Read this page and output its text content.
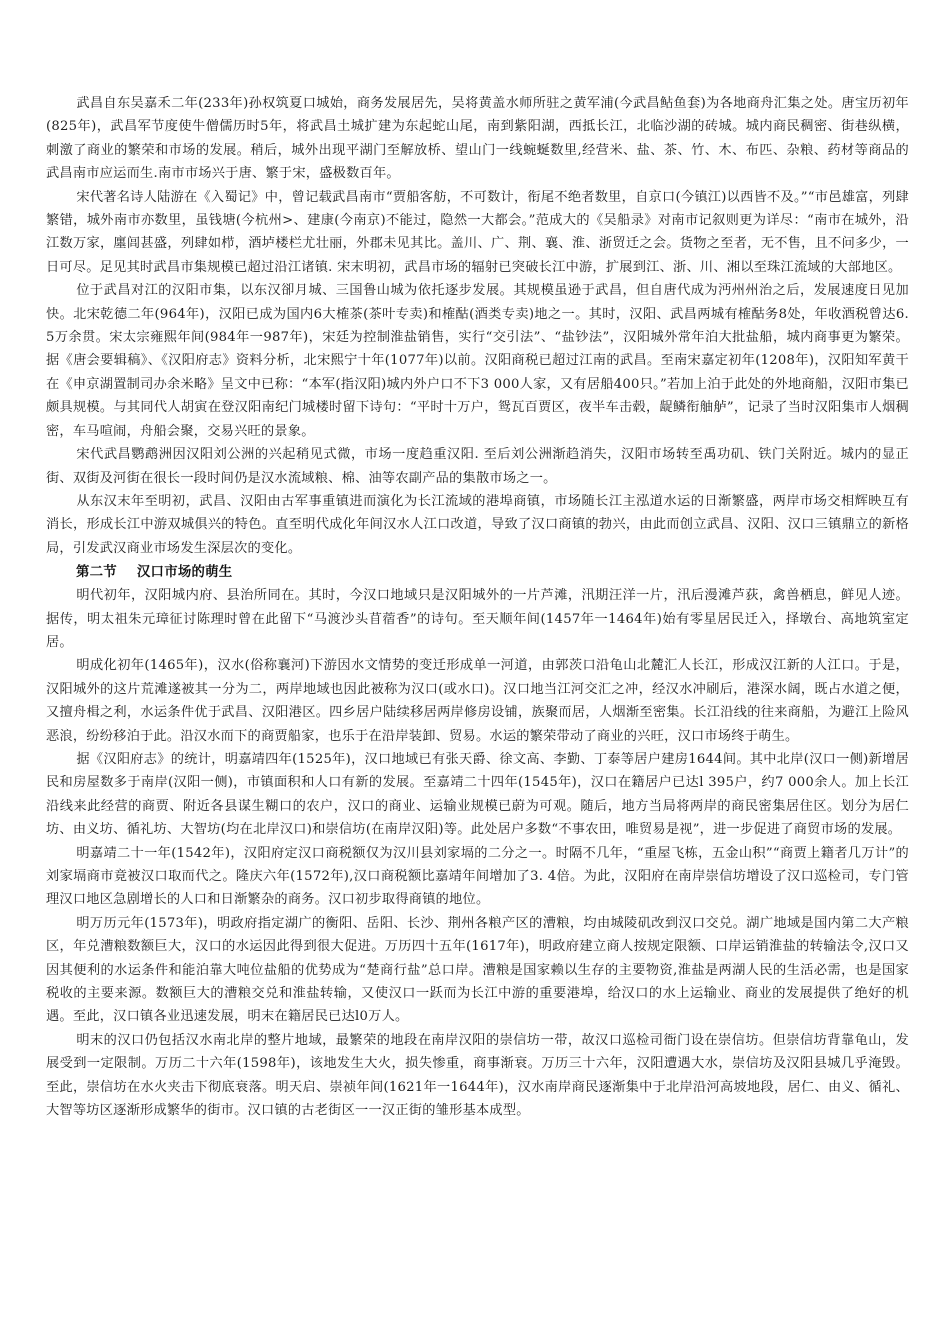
武昌自东吴嘉禾二年(233年)孙权筑夏口城始，商务发展居先，吴将黄盖水师所驻之黄军浦(今武昌鲇鱼套)为各地商舟汇集之处。唐宝历初年(825年)，武昌军节度使牛僧儒历时5年，将武昌土城扩建为东起蛇山尾，南到紫阳湖，西抵长江，北临沙湖的砖城。城内商民稠密、街巷纵横，刺激了商业的繁荣和市场的发展。稍后，城外出现平湖门至解放桥、望山门一线蜿蜒数里,经营米、盐、茶、竹、木、布匹、杂粮、药材等商品的武昌南市应运而生.南市市场兴于唐、繁于宋，盛极数百年。

宋代著名诗人陆游在《入蜀记》中，曾记载武昌南市“贾船客舫，不可数计，衔尾不绝者数里，自京口(今镇江)以西皆不及。”“市邑雄富，列肆繁错，城外南市亦数里，虽钱塘(今杭州>、建康(今南京)不能过，隐然一大都会。”范成大的《吴船录》对南市记叙则更为详尽：“南市在城外，沿江数万家，廛闾甚盛，列肆如栉，酒垆楼栏尤壮丽，外郡未见其比。盖川、广、荆、襄、淮、浙贸迁之会。货物之至者，无不售，且不问多少，一日可尽。足见其时武昌市集规模已超过沿江诸镇. 宋末明初，武昌市场的辐射已突破长江中游，扩展到江、浙、川、湘以至珠江流域的大部地区。

位于武昌对江的汉阳市集，以东汉卻月城、三国鲁山城为依托逐步发展。其规模虽逊于武昌，但自唐代成为沔州州治之后，发展速度日见加快。北宋乾德二年(964年)，汉阳已成为国内6大榷茶(茶叶专卖)和榷酤(酒类专卖)地之一。其时，汉阳、武昌两城有榷酤务8处，年收酒税曾达6. 5万余贯。宋太宗雍熙年间(984年一987年)，宋廷为控制淮盐销售，实行“交引法”、“盐钞法”，汉阳城外常年泊大批盐船，城内商事更为繁荣。据《唐会要辑稿》、《汉阳府志》资料分析，北宋熙宁十年(1077年)以前。汉阳商税已超过江南的武昌。至南宋嘉定初年(1208年)，汉阳知军黄干在《申京湖置制司办余米略》呈文中已称：“本军(指汉阳)城内外户口不下3 000人家，又有居船400只。”若加上泊于此处的外地商船，汉阳市集已颇具规模。与其同代人胡寅在登汉阳南纪门城楼时留下诗句：“平时十万户，鸳瓦百贾区，夜半车击毂，龊鳞衔舳舻”，记录了当时汉阳集市人烟稠密，车马喧闹，舟船会聚，交易兴旺的景象。

宋代武昌鹦鹉洲因汉阳刘公洲的兴起稍见式微，市场一度趋重汉阳. 至后刘公洲渐趋消失，汉阳市场转至禹功矶、铁门关附近。城内的显正街、双街及河街在很长一段时间仍是汉水流域粮、棉、油等农副产品的集散市场之一。

从东汉末年至明初，武昌、汉阳由古军事重镇进而演化为长江流域的港埠商镇，市场随长江主泓道水运的日渐繁盛，两岸市场交相辉映互有消长，形成长江中游双城俱兴的特色。直至明代成化年间汉水人江口改道，导致了汉口商镇的勃兴，由此而创立武昌、汉阳、汉口三镇鼎立的新格局，引发武汉商业市场发生深层次的变化。

第二节 汉口市场的萌生

明代初年，汉阳城内府、县治所同在。其时，今汉口地域只是汉阳城外的一片芦滩，汛期汪洋一片，汛后漫滩芦荻，禽兽栖息，鲜见人迹。据传，明太祖朱元璋征讨陈理时曾在此留下“马渡沙头苜蓿香”的诗句。至天顺年间(1457年一1464年)始有零星居民迁入，择墩台、高地筑室定居。

明成化初年(1465年)，汉水(俗称襄河)下游因水文情势的变迁形成单一河道，由郭茨口沿龟山北麓汇人长江，形成汉江新的人江口。于是，汉阳城外的这片荒滩遂被其一分为二，两岸地域也因此被称为汉口(或水口)。汉口地当江河交汇之冲，经汉水冲刷后，港深水阔，既占水道之便，又擅舟楫之利，水运条件优于武昌、汉阳港区。四乡居户陆续移居两岸修房设铺，族聚而居，人烟渐至密集。长江沿线的往来商船，为避江上险风恶浪，纷纷移泊于此。沿汉水而下的商贾船家，也乐于在沿岸装卸、贸易。水运的繁荣带动了商业的兴旺，汉口市场终于萌生。

据《汉阳府志》的统计，明嘉靖四年(1525年)，汉口地域已有张天爵、徐文高、李勤、丁泰等居户建房1644间。其中北岸(汉口一侧)新增居民和房屋数多于南岸(汉阳一侧)，市镇面积和人口有新的发展。至嘉靖二十四年(1545年)，汉口在籍居户已达l 395户，约7 000余人。加上长江沿线来此经营的商贾、附近各县谋生糊口的农户，汉口的商业、运输业规模已蔚为可观。随后，地方当局将两岸的商民密集居住区。划分为居仁坊、由义坊、循礼坊、大智坊(均在北岸汉口)和崇信坊(在南岸汉阳)等。此处居户多数“不事农田，唯贸易是视”，进一步促进了商贸市场的发展。

明嘉靖二十一年(1542年)，汉阳府定汉口商税额仅为汉川县刘家塥的二分之一。时隔不几年，“重屋飞栋，五金山积”“商贾上籍者几万计”的刘家塥商市竟被汉口取而代之。隆庆六年(1572年),汉口商税额比嘉靖年间增加了3. 4倍。为此，汉阳府在南岸崇信坊增设了汉口巡检司，专门管理汉口地区急剧增长的人口和日渐繁杂的商务。汉口初步取得商镇的地位。

明万历元年(1573年)，明政府指定湖广的衡阳、岳阳、长沙、荆州各粮产区的漕粮，均由城陵矶改到汉口交兑。湖广地域是国内第二大产粮区，年兑漕粮数额巨大，汉口的水运因此得到很大促进。万历四十五年(1617年)，明政府建立商人按规定限额、口岸运销淮盐的转输法令,汉口又因其便利的水运条件和能泊靠大吨位盐船的优势成为“楚商行盐”总口岸。漕粮是国家赖以生存的主要物资,淮盐是两湖人民的生活必需，也是国家税收的主要来源。数额巨大的漕粮交兑和淮盐转输，又使汉口一跃而为长江中游的重要港埠，给汉口的水上运输业、商业的发展提供了绝好的机遇。至此，汉口镇各业迅速发展，明末在籍居民已达l0万人。

明末的汉口仍包括汉水南北岸的整片地域，最繁荣的地段在南岸汉阳的崇信坊一带，故汉口巡检司衙门设在崇信坊。但崇信坊背靠龟山，发展受到一定限制。万历二十六年(1598年)，该地发生大火，损失惨重，商事渐衰。万历三十六年，汉阳遭遇大水，崇信坊及汉阳县城几乎淹毁。至此，崇信坊在水火夹击下彻底衰落。明天启、崇祯年间(1621年一1644年)，汉水南岸商民逐渐集中于北岸沿河高坡地段，居仁、由义、循礼、大智等坊区逐渐形成繁华的街市。汉口镇的古老街区一一汉正街的雏形基本成型。
